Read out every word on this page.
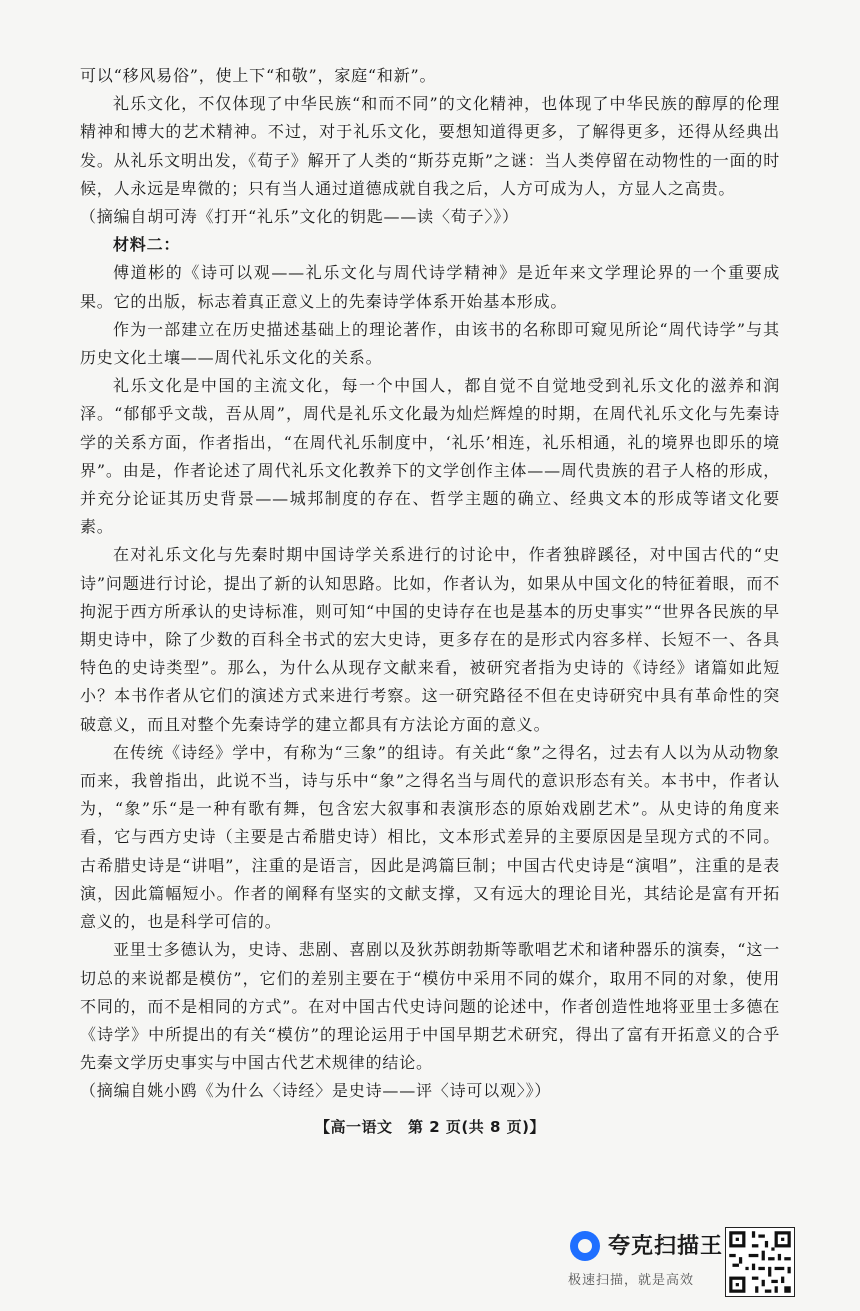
可以“移风易俗”，使上下“和敬”，家庭“和新”。

礼乐文化，不仅体现了中华民族“和而不同”的文化精神，也体现了中华民族的醇厚的伦理精神和博大的艺术精神。不过，对于礼乐文化，要想知道得更多，了解得更多，还得从经典出发。从礼乐文明出发，《荀子》解开了人类的“斯芬克斯”之谜：当人类停留在动物性的一面的时候，人永远是卑微的；只有当人通过道德成就自我之后，人方可成为人，方显人之高贵。

（摘编自胡可涛《打开“礼乐”文化的钥匙——读〈荀子〉》）

材料二：

傅道彬的《诗可以观——礼乐文化与周代诗学精神》是近年来文学理论界的一个重要成果。它的出版，标志着真正意义上的先秦诗学体系开始基本形成。

作为一部建立在历史描述基础上的理论著作，由该书的名称即可窥见所论“周代诗学”与其历史文化土壤——周代礼乐文化的关系。

礼乐文化是中国的主流文化，每一个中国人，都自觉不自觉地受到礼乐文化的滋养和润泽。“郁郁乎文哉，吾从周”，周代是礼乐文化最为灿烂辉煌的时期，在周代礼乐文化与先秦诗学的关系方面，作者指出，“在周代礼乐制度中，‘礼乐’相连，礼乐相通，礼的境界也即乐的境界”。由是，作者论述了周代礼乐文化教养下的文学创作主体——周代贵族的君子人格的形成，并充分论证其历史背景——城邦制度的存在、哲学主题的确立、经典文本的形成等诸文化要素。

在对礼乐文化与先秦时期中国诗学关系进行的讨论中，作者独辟蹊径，对中国古代的“史诗”问题进行讨论，提出了新的认知思路。比如，作者认为，如果从中国文化的特征着眼，而不拘泥于西方所承认的史诗标准，则可知“中国的史诗存在也是基本的历史事实”“世界各民族的早期史诗中，除了少数的百科全书式的宏大史诗，更多存在的是形式内容多样、长短不一、各具特色的史诗类型”。那么，为什么从现存文献来看，被研究者指为史诗的《诗经》诸篇如此短小？本书作者从它们的演述方式来进行考察。这一研究路径不但在史诗研究中具有革命性的突破意义，而且对整个先秦诗学的建立都具有方法论方面的意义。

在传统《诗经》学中，有称为“三象”的组诗。有关此“象”之得名，过去有人以为从动物象而来，我曾指出，此说不当，诗与乐中“象”之得名当与周代的意识形态有关。本书中，作者认为，“象”乐“是一种有歌有舞，包含宏大叙事和表演形态的原始戏剧艺术”。从史诗的角度来看，它与西方史诗（主要是古希腊史诗）相比，文本形式差异的主要原因是呈现方式的不同。古希腊史诗是“讲唱”，注重的是语言，因此是鸿篇巨制；中国古代史诗是“演唱”，注重的是表演，因此篇幅短小。作者的阐释有坚实的文献支撑，又有远大的理论目光，其结论是富有开拓意义的，也是科学可信的。

亚里士多德认为，史诗、悲剧、喜剧以及狄苏朗勃斯等歌唱艺术和诸种器乐的演奏，“这一切总的来说都是模仿”，它们的差别主要在于“模仿中采用不同的媒介，取用不同的对象，使用不同的，而不是相同的方式”。在对中国古代史诗问题的论述中，作者创造性地将亚里士多德在《诗学》中所提出的有关“模仿”的理论运用于中国早期艺术研究，得出了富有开拓意义的合乎先秦文学历史事实与中国古代艺术规律的结论。

（摘编自姚小鸥《为什么〈诗经〉是史诗——评〈诗可以观〉》）

【高一语文　第 2 页(共 8 页)】
夸克扫描王
极速扫描，就是高效
